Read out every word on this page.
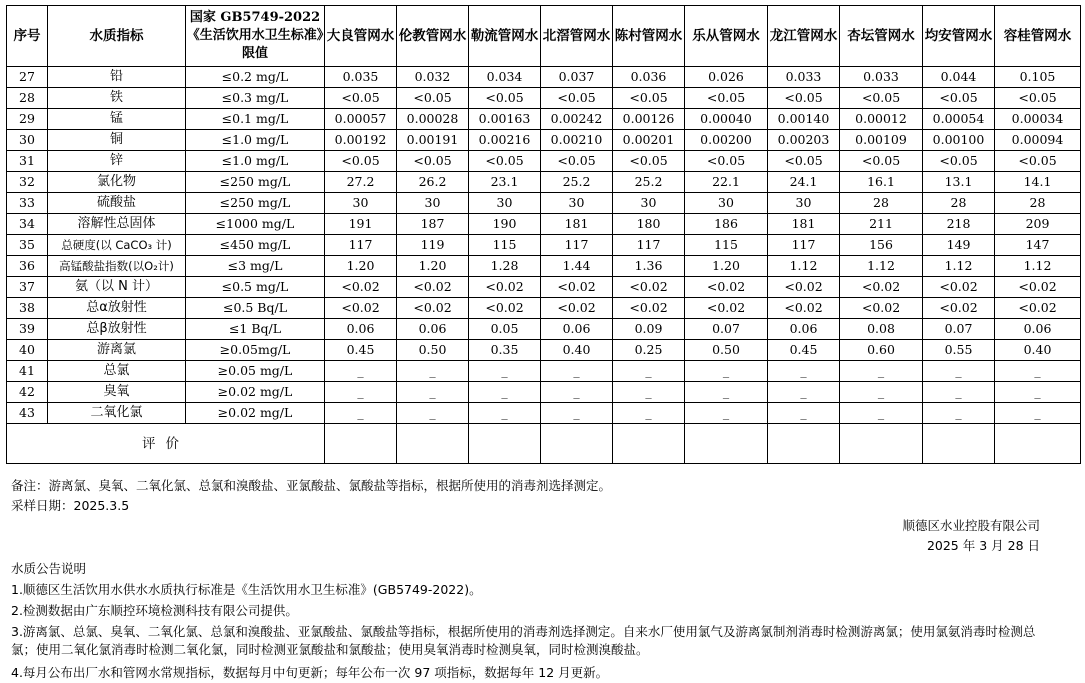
序号	水质指标	国家 GB5749-2022《生活饮用水卫生标准》限值	大良管网水	伦教管网水	勒流管网水	北滘管网水	陈村管网水	乐从管网水	龙江管网水	杏坛管网水	均安管网水	容桂管网水
27	铅	≤0.2 mg/L	0.035	0.032	0.034	0.037	0.036	0.026	0.033	0.033	0.044	0.105
28	铁	≤0.3 mg/L	<0.05	<0.05	<0.05	<0.05	<0.05	<0.05	<0.05	<0.05	<0.05	<0.05
29	锰	≤0.1 mg/L	0.00057	0.00028	0.00163	0.00242	0.00126	0.00040	0.00140	0.00012	0.00054	0.00034
30	铜	≤1.0 mg/L	0.00192	0.00191	0.00216	0.00210	0.00201	0.00200	0.00203	0.00109	0.00100	0.00094
31	锌	≤1.0 mg/L	<0.05	<0.05	<0.05	<0.05	<0.05	<0.05	<0.05	<0.05	<0.05	<0.05
32	氯化物	≤250 mg/L	27.2	26.2	23.1	25.2	25.2	22.1	24.1	16.1	13.1	14.1
33	硫酸盐	≤250 mg/L	30	30	30	30	30	30	30	28	28	28
34	溶解性总固体	≤1000 mg/L	191	187	190	181	180	186	181	211	218	209
35	总硬度(以 CaCO₃ 计)	≤450 mg/L	117	119	115	117	117	115	117	156	149	147
36	高锰酸盐指数(以O₂计)	≤3 mg/L	1.20	1.20	1.28	1.44	1.36	1.20	1.12	1.12	1.12	1.12
37	氨（以 N 计）	≤0.5 mg/L	<0.02	<0.02	<0.02	<0.02	<0.02	<0.02	<0.02	<0.02	<0.02	<0.02
38	总α放射性	≤0.5 Bq/L	<0.02	<0.02	<0.02	<0.02	<0.02	<0.02	<0.02	<0.02	<0.02	<0.02
39	总β放射性	≤1 Bq/L	0.06	0.06	0.05	0.06	0.09	0.07	0.06	0.08	0.07	0.06
40	游离氯	≥0.05mg/L	0.45	0.50	0.35	0.40	0.25	0.50	0.45	0.60	0.55	0.40
41	总氯	≥0.05 mg/L	_	_	_	_	_	_	_	_	_	_
42	臭氧	≥0.02 mg/L	_	_	_	_	_	_	_	_	_	_
43	二氧化氯	≥0.02 mg/L	_	_	_	_	_	_	_	_	_	_
评价												
备注：游离氯、臭氧、二氧化氯、总氯和溴酸盐、亚氯酸盐、氯酸盐等指标，根据所使用的消毒剂选择测定。
采样日期：2025.3.5
顺德区水业控股有限公司
2025 年 3 月 28 日
水质公告说明
1.顺德区生活饮用水供水水质执行标准是《生活饮用水卫生标准》(GB5749-2022)。
2.检测数据由广东顺控环境检测科技有限公司提供。
3.游离氯、总氯、臭氧、二氧化氯、总氯和溴酸盐、亚氯酸盐、氯酸盐等指标，根据所使用的消毒剂选择测定。自来水厂使用氯气及游离氯制剂消毒时检测游离氯；使用氯氨消毒时检测总氯；使用二氧化氯消毒时检测二氧化氯，同时检测亚氯酸盐和氯酸盐；使用臭氧消毒时检测臭氧，同时检测溴酸盐。
4.每月公布出厂水和管网水常规指标，数据每月中旬更新；每年公布一次 97 项指标，数据每年 12 月更新。
